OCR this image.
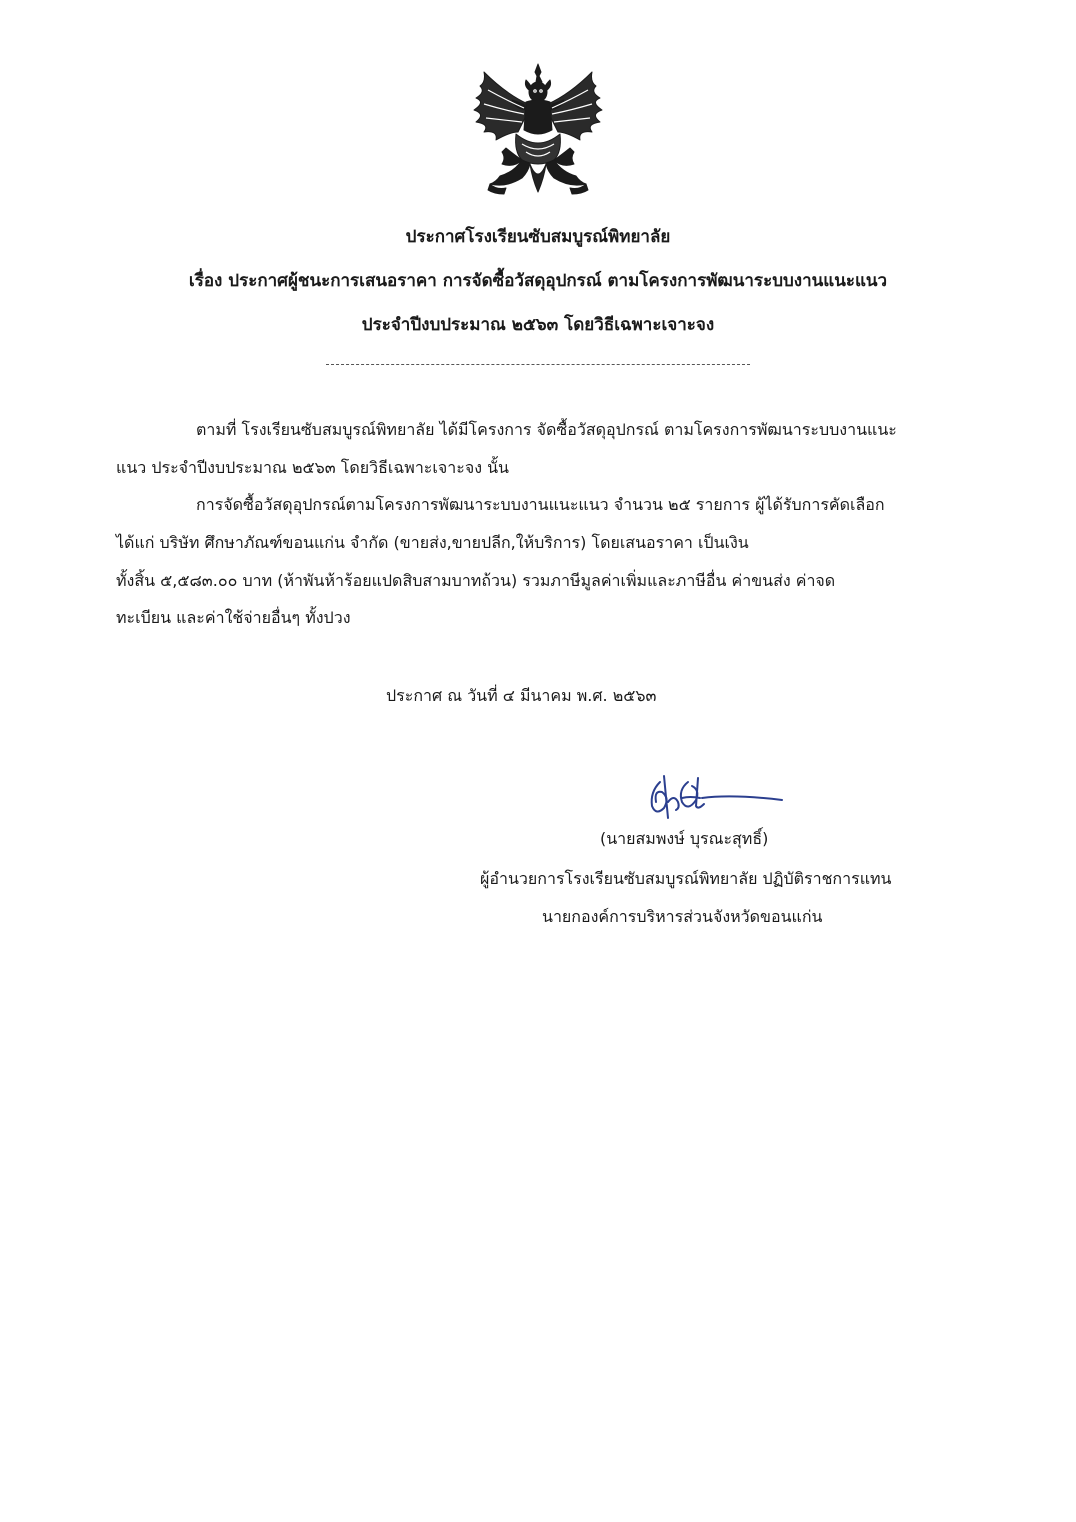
ประกาศโรงเรียนซับสมบูรณ์พิทยาลัย
เรื่อง ประกาศผู้ชนะการเสนอราคา การจัดซื้อวัสดุอุปกรณ์ ตามโครงการพัฒนาระบบงานแนะแนว
ประจำปีงบประมาณ ๒๕๖๓ โดยวิธีเฉพาะเจาะจง
ตามที่ โรงเรียนซับสมบูรณ์พิทยาลัย ได้มีโครงการ จัดซื้อวัสดุอุปกรณ์ ตามโครงการพัฒนาระบบงานแนะ
แนว ประจำปีงบประมาณ ๒๕๖๓ โดยวิธีเฉพาะเจาะจง นั้น
การจัดซื้อวัสดุอุปกรณ์ตามโครงการพัฒนาระบบงานแนะแนว จำนวน ๒๕ รายการ ผู้ได้รับการคัดเลือก
ได้แก่ บริษัท ศึกษาภัณฑ์ขอนแก่น จำกัด (ขายส่ง,ขายปลีก,ให้บริการ) โดยเสนอราคา เป็นเงิน
ทั้งสิ้น ๕,๕๘๓.๐๐ บาท (ห้าพันห้าร้อยแปดสิบสามบาทถ้วน) รวมภาษีมูลค่าเพิ่มและภาษีอื่น ค่าขนส่ง ค่าจด
ทะเบียน และค่าใช้จ่ายอื่นๆ ทั้งปวง
ประกาศ ณ วันที่ ๔ มีนาคม พ.ศ. ๒๕๖๓
(นายสมพงษ์ บุรณะสุทธิ์)
ผู้อำนวยการโรงเรียนซับสมบูรณ์พิทยาลัย ปฏิบัติราชการแทน
นายกองค์การบริหารส่วนจังหวัดขอนแก่น
